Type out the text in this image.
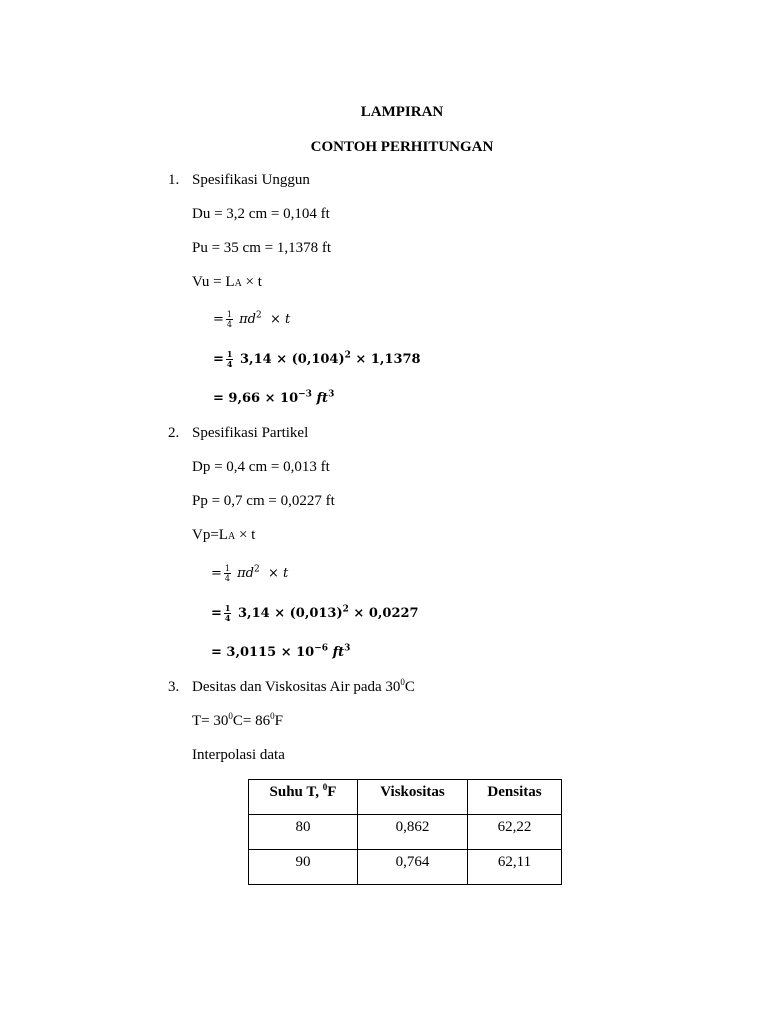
LAMPIRAN
CONTOH PERHITUNGAN
1. Spesifikasi Unggun
Du = 3,2 cm = 0,104 ft
Pu = 35 cm = 1,1378 ft
Vu = LA × t
= $\frac{1}{4} \pi d^2 \times t$
= $\frac{1}{4} 3,14 \times (0,104)^2 \times 1,1378$
= $9,66 \times 10^{-3}$ $ft^3$
2. Spesifikasi Partikel
Dp = 0,4 cm = 0,013 ft
Pp = 0,7 cm = 0,0227 ft
Vp=LA × t
= $\frac{1}{4} \pi d^2 \times t$
= $\frac{1}{4} 3,14 \times (0,013)^2 \times 0,0227$
= $3,0115 \times 10^{-6}$ $ft^3$
3. Desitas dan Viskositas Air pada $30^0C$
$T= 30^0C= 86^0F$
Interpolasi data
Suhu T, $^0$F	Viskositas	Densitas
80	0,862	62,22
90	0,764	62,11
